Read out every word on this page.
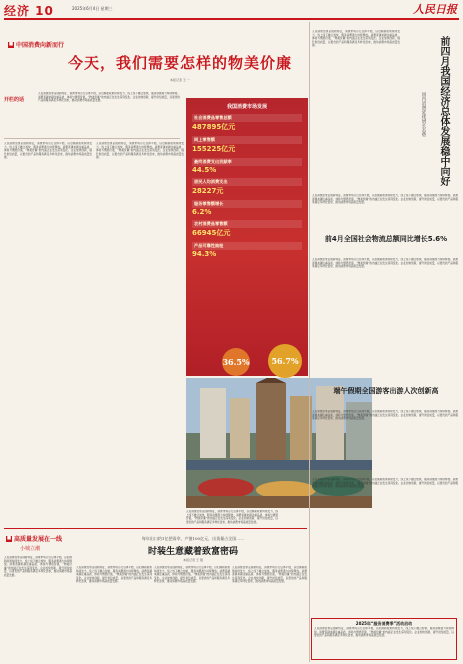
经济 10	2025年6月4日 星期三	人民日报
■ 中国消费向新而行
今天，我们需要怎样的物美价廉
本报记者 王 一
开栏的话
人民消费需求呈现新特征，消费市场运行总体平稳，以旧换新政策持续发力，线上线下融合加快，服务消费潜力持续释放。消费者越来越注重品质、体验与情感价值，“物美价廉”的内涵正在发生深刻变化。企业加快创新，提升供给质量，以更优的产品和服务满足多样化需求，推动消费市场高质量发展。
人民消费需求呈现新特征，消费市场运行总体平稳，以旧换新政策持续发力，线上线下融合加快，服务消费潜力持续释放。消费者越来越注重品质、体验与情感价值，“物美价廉”的内涵正在发生深刻变化。企业加快创新，提升供给质量，以更优的产品和服务满足多样化需求，推动消费市场高质量发展。
人民消费需求呈现新特征，消费市场运行总体平稳，以旧换新政策持续发力，线上线下融合加快，服务消费潜力持续释放。消费者越来越注重品质、体验与情感价值，“物美价廉”的内涵正在发生深刻变化。企业加快创新，提升供给质量，以更优的产品和服务满足多样化需求，推动消费市场高质量发展。
人民消费需求呈现新特征，消费市场运行总体平稳，以旧换新政策持续发力，线上线下融合加快，服务消费潜力持续释放。消费者越来越注重品质、体验与情感价值，“物美价廉”的内涵正在发生深刻变化。企业加快创新，提升供给质量，以更优的产品和服务满足多样化需求，推动消费市场高质量发展。
我国消费市场发展
社会消费品零售总额
487895亿元
网上零售额
155225亿元
最终消费支出贡献率
44.5%
居民人均消费支出
28227元
服务零售额增长
6.2%
农村消费品零售额
66945亿元
产品可靠性抽检
94.3%
36.5%	56.7%
人民消费需求呈现新特征，消费市场运行总体平稳，以旧换新政策持续发力，线上线下融合加快，服务消费潜力持续释放。消费者越来越注重品质、体验与情感价值，“物美价廉”的内涵正在发生深刻变化。企业加快创新，提升供给质量，以更优的产品和服务满足多样化需求，推动消费市场高质量发展。	前四月我国经济总体发展稳中向好
国内消费延续增长态势
人民消费需求呈现新特征，消费市场运行总体平稳，以旧换新政策持续发力，线上线下融合加快，服务消费潜力持续释放。消费者越来越注重品质、体验与情感价值，“物美价廉”的内涵正在发生深刻变化。企业加快创新，提升供给质量，以更优的产品和服务满足多样化需求，推动消费市场高质量发展。
前4月全国社会物流总额同比增长5.6%
人民消费需求呈现新特征，消费市场运行总体平稳，以旧换新政策持续发力，线上线下融合加快，服务消费潜力持续释放。消费者越来越注重品质、体验与情感价值，“物美价廉”的内涵正在发生深刻变化。企业加快创新，提升供给质量，以更优的产品和服务满足多样化需求，推动消费市场高质量发展。
端午假期全国游客出游人次创新高
人民消费需求呈现新特征，消费市场运行总体平稳，以旧换新政策持续发力，线上线下融合加快，服务消费潜力持续释放。消费者越来越注重品质、体验与情感价值，“物美价廉”的内涵正在发生深刻变化。企业加快创新，提升供给质量，以更优的产品和服务满足多样化需求，推动消费市场高质量发展。
人民消费需求呈现新特征，消费市场运行总体平稳，以旧换新政策持续发力，线上线下融合加快，服务消费潜力持续释放。消费者越来越注重品质、体验与情感价值，“物美价廉”的内涵正在发生深刻变化。企业加快创新，提升供给质量，以更优的产品和服务满足多样化需求，推动消费市场高质量发展。
2025年“服务消费季”活动启动
人民消费需求呈现新特征，消费市场运行总体平稳，以旧换新政策持续发力，线上线下融合加快，服务消费潜力持续释放。消费者越来越注重品质、体验与情感价值，“物美价廉”的内涵正在发生深刻变化。企业加快创新，提升供给质量，以更优的产品和服务满足多样化需求，推动消费市场高质量发展。
■ 高质量发展在一线
小城立潮
人民消费需求呈现新特征，消费市场运行总体平稳，以旧换新政策持续发力，线上线下融合加快，服务消费潜力持续释放。消费者越来越注重品质、体验与情感价值，“物美价廉”的内涵正在发生深刻变化。企业加快创新，提升供给质量，以更优的产品和服务满足多样化需求，推动消费市场高质量发展。
每年出口约1亿把雨伞，产值100亿元，出货量占全国……
时装生意藏着致富密码
本报记者 王 强
人民消费需求呈现新特征，消费市场运行总体平稳，以旧换新政策持续发力，线上线下融合加快，服务消费潜力持续释放。消费者越来越注重品质、体验与情感价值，“物美价廉”的内涵正在发生深刻变化。企业加快创新，提升供给质量，以更优的产品和服务满足多样化需求，推动消费市场高质量发展。
人民消费需求呈现新特征，消费市场运行总体平稳，以旧换新政策持续发力，线上线下融合加快，服务消费潜力持续释放。消费者越来越注重品质、体验与情感价值，“物美价廉”的内涵正在发生深刻变化。企业加快创新，提升供给质量，以更优的产品和服务满足多样化需求，推动消费市场高质量发展。
人民消费需求呈现新特征，消费市场运行总体平稳，以旧换新政策持续发力，线上线下融合加快，服务消费潜力持续释放。消费者越来越注重品质、体验与情感价值，“物美价廉”的内涵正在发生深刻变化。企业加快创新，提升供给质量，以更优的产品和服务满足多样化需求，推动消费市场高质量发展。
